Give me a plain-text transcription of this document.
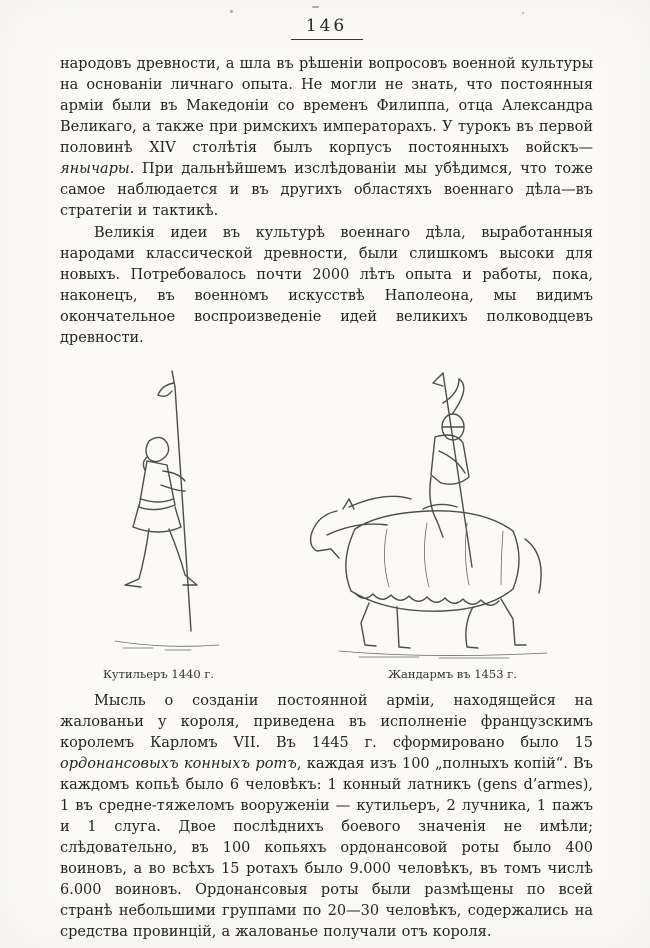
146

народовъ древности, а шла въ рѣшеніи вопросовъ военной культуры на основаніи личнаго опыта. Не могли не знать, что постоянныя арміи были въ Македоніи со временъ Филиппа, отца Александра Великаго, а также при римскихъ императорахъ. У турокъ въ первой половинѣ XIV столѣтія былъ корпусъ постоянныхъ войскъ—янычары. При дальнѣйшемъ изслѣдованіи мы убѣдимся, что тоже самое наблюдается и въ другихъ областяхъ военнаго дѣла—въ стратегіи и тактикѣ.

Великія идеи въ культурѣ военнаго дѣла, выработанныя народами классической древности, были слишкомъ высоки для новыхъ. Потребовалось почти 2000 лѣтъ опыта и работы, пока, наконецъ, въ военномъ искусствѣ Наполеона, мы видимъ окончательное воспроизведеніе идей великихъ полководцевъ древности.

Кутильеръ 1440 г.	Жандармъ въ 1453 г.

Мысль о созданіи постоянной арміи, находящейся на жалованьи у короля, приведена въ исполненіе французскимъ королемъ Карломъ VII. Въ 1445 г. сформировано было 15 ордонансовыхъ конныхъ ротъ, каждая изъ 100 „полныхъ копій“. Въ каждомъ копьѣ было 6 человѣкъ: 1 конный латникъ (gens d’armes), 1 въ средне-тяжеломъ вооруженіи — кутильеръ, 2 лучника, 1 пажъ и 1 слуга. Двое послѣднихъ боевого значенія не имѣли; слѣдовательно, въ 100 копьяхъ ордонансовой роты было 400 воиновъ, а во всѣхъ 15 ротахъ было 9.000 человѣкъ, въ томъ числѣ 6.000 воиновъ. Ордонансовыя роты были размѣщены по всей странѣ небольшими группами по 20—30 человѣкъ, содержались на средства провинцій, а жалованье получали отъ короля.
